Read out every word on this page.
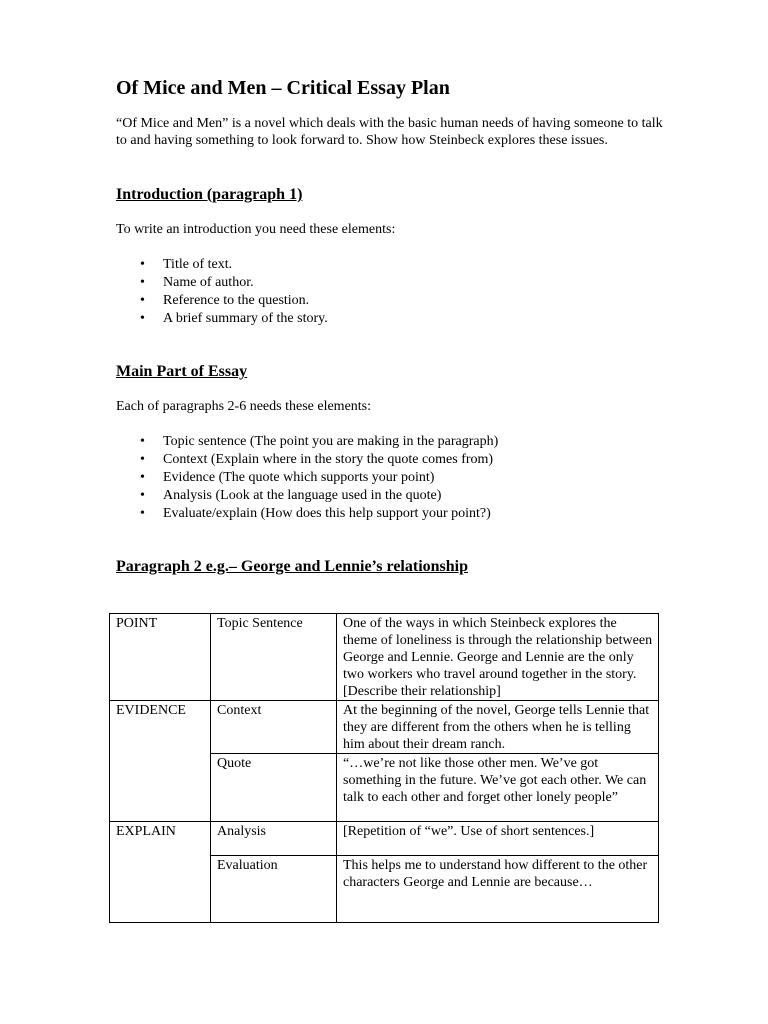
Of Mice and Men – Critical Essay Plan
“Of Mice and Men” is a novel which deals with the basic human needs of having someone to talk to and having something to look forward to. Show how Steinbeck explores these issues.
Introduction (paragraph 1)

To write an introduction you need these elements:

• Title of text.
• Name of author.
• Reference to the question.
• A brief summary of the story.
Main Part of Essay

Each of paragraphs 2-6 needs these elements:

• Topic sentence (The point you are making in the paragraph)
• Context (Explain where in the story the quote comes from)
• Evidence (The quote which supports your point)
• Analysis (Look at the language used in the quote)
• Evaluate/explain (How does this help support your point?)
Paragraph 2 e.g.– George and Lennie’s relationship
POINT	Topic Sentence	One of the ways in which Steinbeck explores the theme of loneliness is through the relationship between George and Lennie. George and Lennie are the only two workers who travel around together in the story. [Describe their relationship]
EVIDENCE	Context	At the beginning of the novel, George tells Lennie that they are different from the others when he is telling him about their dream ranch.
	Quote	“…we’re not like those other men. We’ve got something in the future. We’ve got each other. We can talk to each other and forget other lonely people”
EXPLAIN	Analysis	[Repetition of “we”. Use of short sentences.]
	Evaluation	This helps me to understand how different to the other characters George and Lennie are because…
